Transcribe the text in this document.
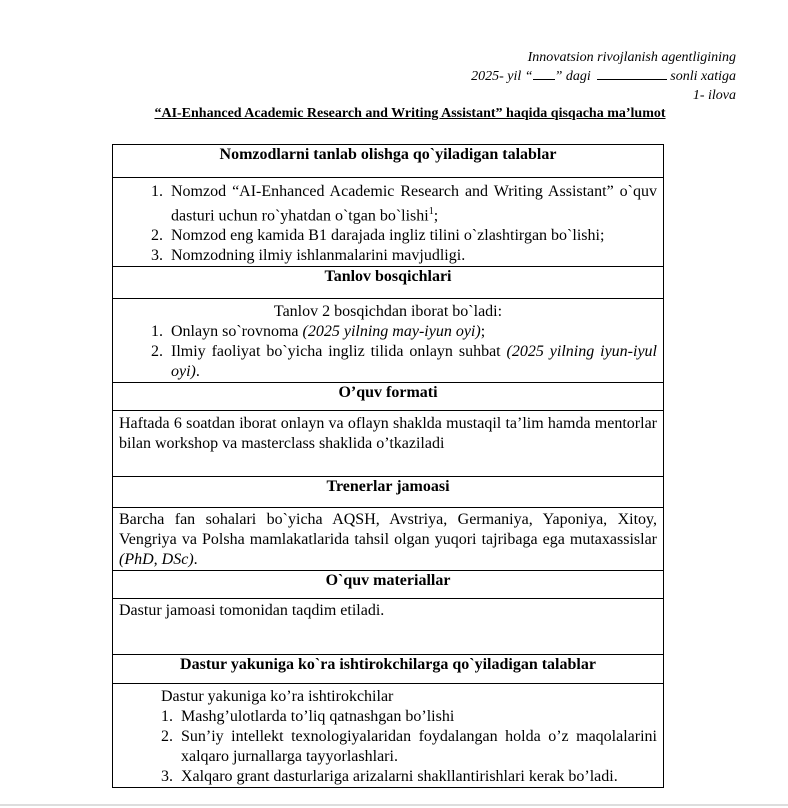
Innovatsion rivojlanish agentligining
2025- yil “ ” dagi	sonli xatiga
1- ilova
“AI-Enhanced Academic Research and Writing Assistant” haqida qisqacha ma’lumot
Nomzodlarni tanlab olishga qo`yiladigan talablar

1. Nomzod “AI-Enhanced Academic Research and Writing Assistant” o`quv dasturi uchun ro`yhatdan o`tgan bo`lishi$^1$;
2. Nomzod eng kamida B1 darajada ingliz tilini o`zlashtirgan bo`lishi;
3. Nomzodning ilmiy ishlanmalarini mavjudligi.

Tanlov bosqichlari

Tanlov 2 bosqichdan iborat bo`ladi:
1. Onlayn so`rovnoma (2025 yilning may-iyun oyi);
2. Ilmiy faoliyat bo`yicha ingliz tilida onlayn suhbat (2025 yilning iyun-iyul oyi).

O’quv formati
Haftada 6 soatdan iborat onlayn va oflayn shaklda mustaqil ta’lim hamda mentorlar bilan workshop va masterclass shaklida o’tkaziladi
Trenerlar jamoasi
Barcha fan sohalari bo`yicha AQSH, Avstriya, Germaniya, Yaponiya, Xitoy, Vengriya va Polsha mamlakatlarida tahsil olgan yuqori tajribaga ega mutaxassislar (PhD, DSc).
O`quv materiallar
Dastur jamoasi tomonidan taqdim etiladi.
Dastur yakuniga ko`ra ishtirokchilarga qo`yiladigan talablar

Dastur yakuniga ko’ra ishtirokchilar
1. Mashg’ulotlarda to’liq qatnashgan bo’lishi
2. Sun’iy intellekt texnologiyalaridan foydalangan holda o’z maqolalarini xalqaro jurnallarga tayyorlashlari.
3. Xalqaro grant dasturlariga arizalarni shakllantirishlari kerak bo’ladi.
